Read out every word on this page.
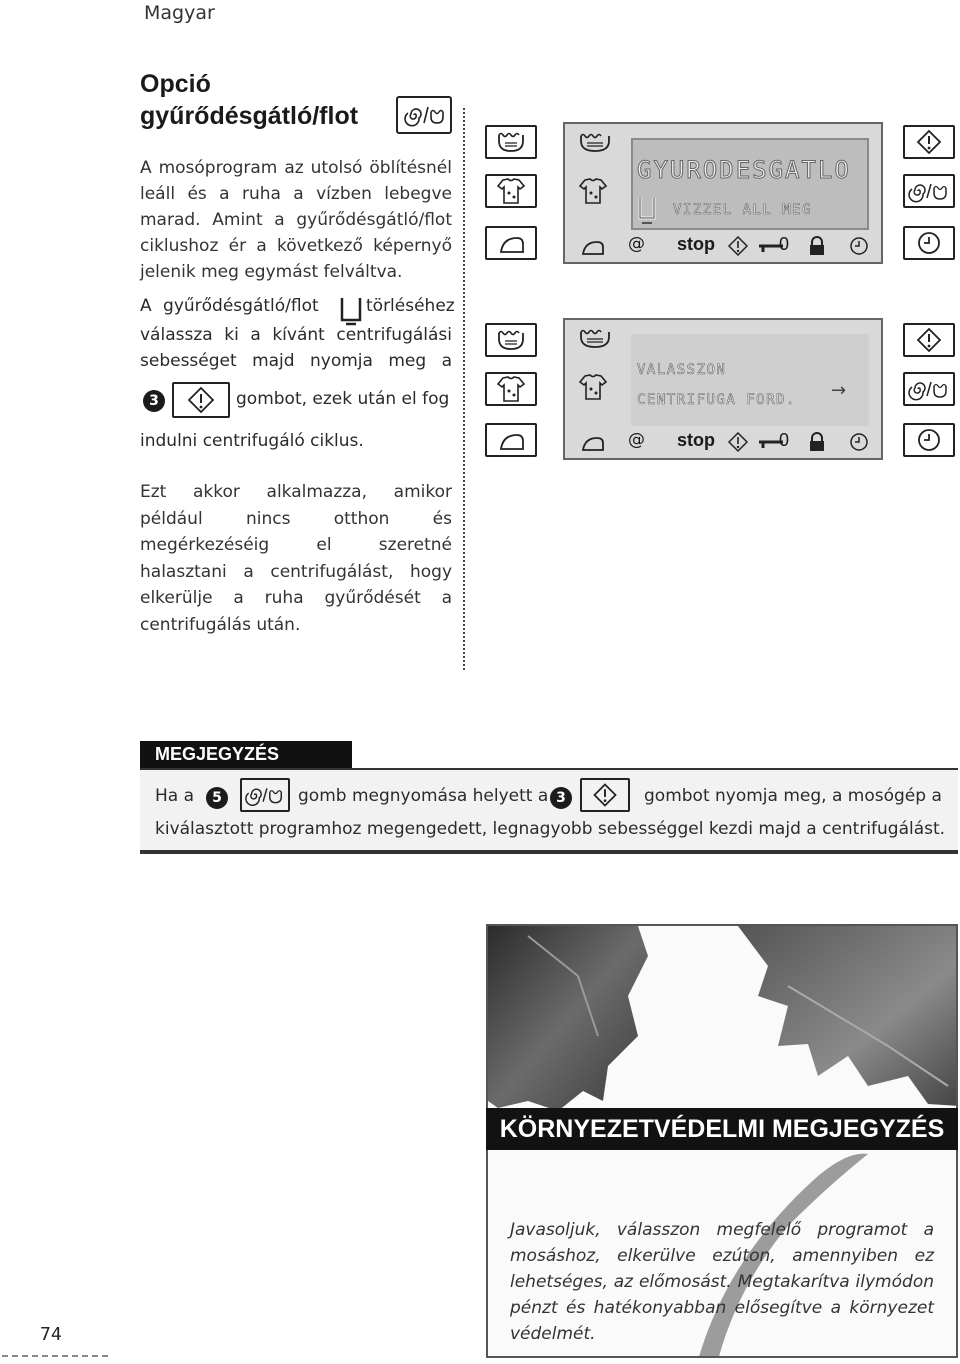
Magyar
Opció
gyűrődésgátló/flot
A mosóprogram az utolsó öblítésnél leáll és a ruha a vízben lebegve marad. Amint a gyűrődésgátló/flot ciklushoz ér a következő képernyő jelenik meg egymást felváltva.
A gyűrődésgátló/flot	törléséhez
válassza ki a kívánt centrifugálási
sebességet majd nyomja meg a
3	gombot, ezek után el fog
indulni centrifugáló ciklus.
Ezt akkor alkalmazza, amikor például nincs otthon és megérkezéséig el szeretné halasztani a centrifugálást, hogy elkerülje a ruha gyűrődését a centrifugálás után.
GYURODESGATLO
VIZZEL ALL MEG
@ stop	0
VALASSZON
CENTRIFUGA FORD. →
@ stop	0
MEGJEGYZÉS
Ha a	5	gomb megnyomása helyett a 3	gombot nyomja meg, a mosógép a
kiválasztott programhoz megengedett, legnagyobb sebességgel kezdi majd a centrifugálást.
KÖRNYEZETVÉDELMI MEGJEGYZÉS
Javasoljuk, válasszon megfelelő programot a mosáshoz, elkerülve ezúton, amennyiben ez lehetséges, az előmosást. Megtakarítva ilymódon pénzt és hatékonyabban elősegítve a környezet védelmét.
74
